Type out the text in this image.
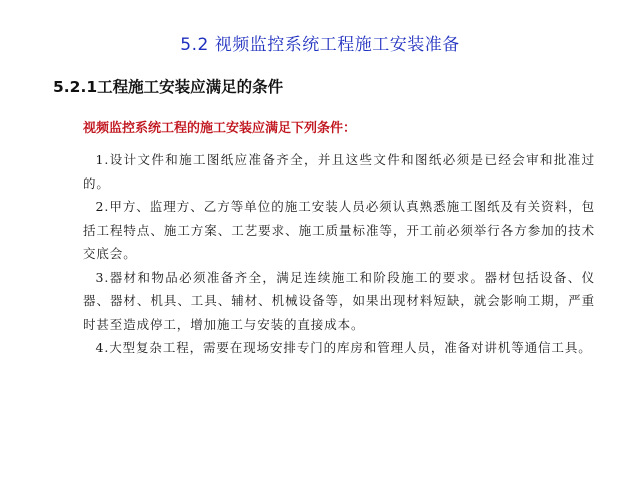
5.2 视频监控系统工程施工安装准备
5.2.1工程施工安装应满足的条件
视频监控系统工程的施工安装应满足下列条件：

1.设计文件和施工图纸应准备齐全，并且这些文件和图纸必须是已经会审和批准过的。

2.甲方、监理方、乙方等单位的施工安装人员必须认真熟悉施工图纸及有关资料，包括工程特点、施工方案、工艺要求、施工质量标准等，开工前必须举行各方参加的技术交底会。

3.器材和物品必须准备齐全，满足连续施工和阶段施工的要求。器材包括设备、仪器、器材、机具、工具、辅材、机械设备等，如果出现材料短缺，就会影响工期，严重时甚至造成停工，增加施工与安装的直接成本。

4.大型复杂工程，需要在现场安排专门的库房和管理人员，准备对讲机等通信工具。
